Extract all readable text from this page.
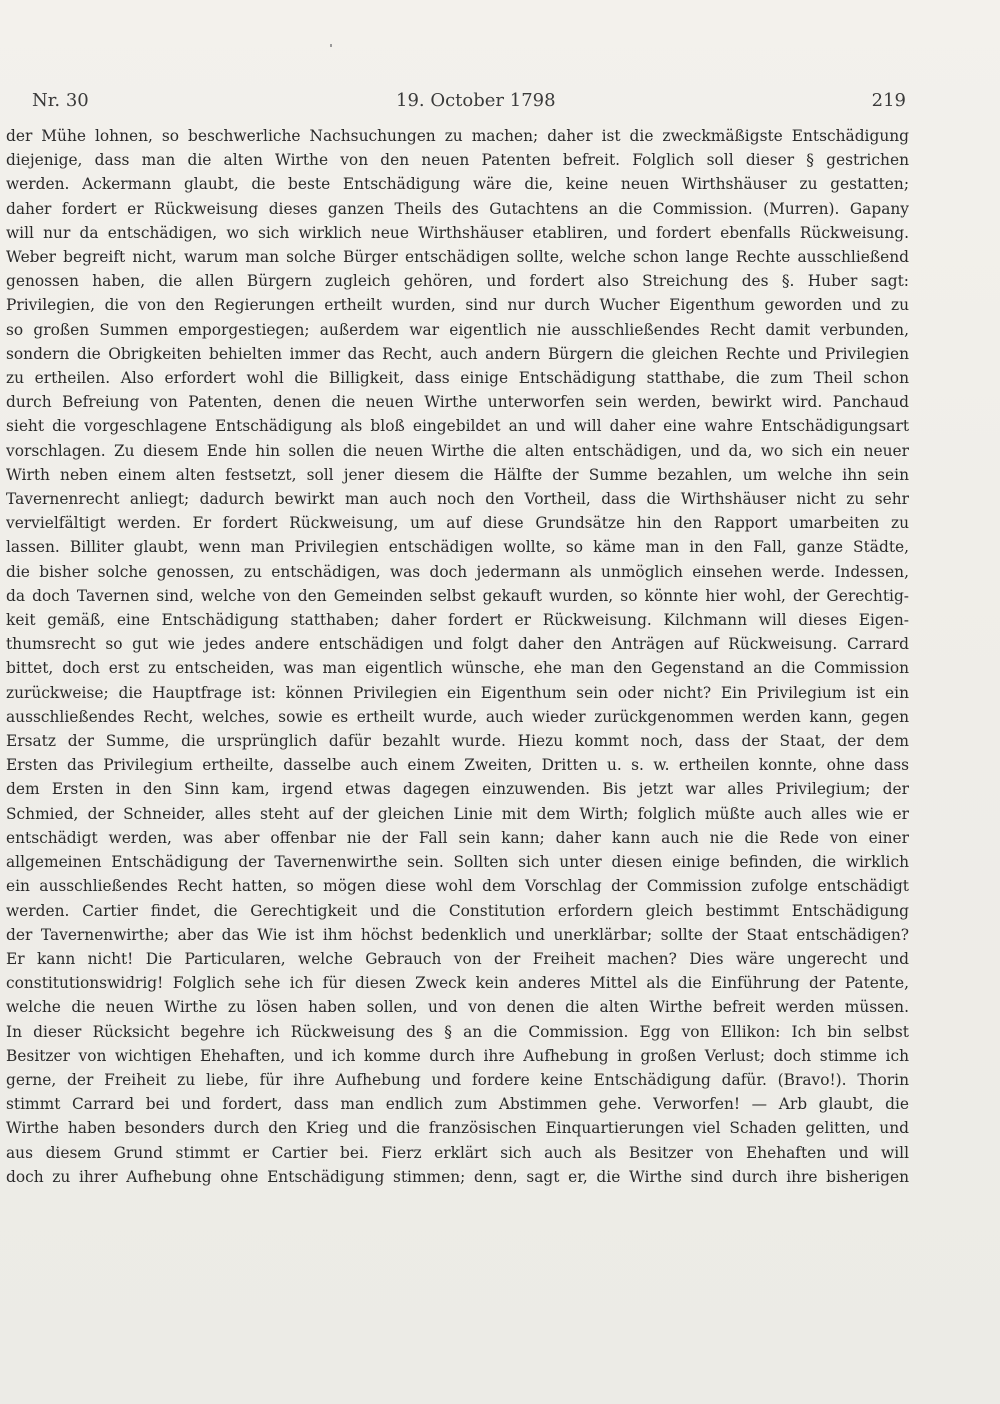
Nr. 30	19. October 1798	219
der Mühe lohnen, so beschwerliche Nachsuchungen zu machen; daher ist die zweckmäßigste Entschädigung
diejenige, dass man die alten Wirthe von den neuen Patenten befreit. Folglich soll dieser § gestrichen
werden. Ackermann glaubt, die beste Entschädigung wäre die, keine neuen Wirthshäuser zu gestatten;
daher fordert er Rückweisung dieses ganzen Theils des Gutachtens an die Commission. (Murren). Gapany
will nur da entschädigen, wo sich wirklich neue Wirthshäuser etabliren, und fordert ebenfalls Rückweisung.
Weber begreift nicht, warum man solche Bürger entschädigen sollte, welche schon lange Rechte ausschließend
genossen haben, die allen Bürgern zugleich gehören, und fordert also Streichung des §. Huber sagt:
Privilegien, die von den Regierungen ertheilt wurden, sind nur durch Wucher Eigenthum geworden und zu
so großen Summen emporgestiegen; außerdem war eigentlich nie ausschließendes Recht damit verbunden,
sondern die Obrigkeiten behielten immer das Recht, auch andern Bürgern die gleichen Rechte und Privilegien
zu ertheilen. Also erfordert wohl die Billigkeit, dass einige Entschädigung statthabe, die zum Theil schon
durch Befreiung von Patenten, denen die neuen Wirthe unterworfen sein werden, bewirkt wird. Panchaud
sieht die vorgeschlagene Entschädigung als bloß eingebildet an und will daher eine wahre Entschädigungsart
vorschlagen. Zu diesem Ende hin sollen die neuen Wirthe die alten entschädigen, und da, wo sich ein neuer
Wirth neben einem alten festsetzt, soll jener diesem die Hälfte der Summe bezahlen, um welche ihn sein
Tavernenrecht anliegt; dadurch bewirkt man auch noch den Vortheil, dass die Wirthshäuser nicht zu sehr
vervielfältigt werden. Er fordert Rückweisung, um auf diese Grundsätze hin den Rapport umarbeiten zu
lassen. Billiter glaubt, wenn man Privilegien entschädigen wollte, so käme man in den Fall, ganze Städte,
die bisher solche genossen, zu entschädigen, was doch jedermann als unmöglich einsehen werde. Indessen,
da doch Tavernen sind, welche von den Gemeinden selbst gekauft wurden, so könnte hier wohl, der Gerechtig-
keit gemäß, eine Entschädigung statthaben; daher fordert er Rückweisung. Kilchmann will dieses Eigen-
thumsrecht so gut wie jedes andere entschädigen und folgt daher den Anträgen auf Rückweisung. Carrard
bittet, doch erst zu entscheiden, was man eigentlich wünsche, ehe man den Gegenstand an die Commission
zurückweise; die Hauptfrage ist: können Privilegien ein Eigenthum sein oder nicht? Ein Privilegium ist ein
ausschließendes Recht, welches, sowie es ertheilt wurde, auch wieder zurückgenommen werden kann, gegen
Ersatz der Summe, die ursprünglich dafür bezahlt wurde. Hiezu kommt noch, dass der Staat, der dem
Ersten das Privilegium ertheilte, dasselbe auch einem Zweiten, Dritten u. s. w. ertheilen konnte, ohne dass
dem Ersten in den Sinn kam, irgend etwas dagegen einzuwenden. Bis jetzt war alles Privilegium; der
Schmied, der Schneider, alles steht auf der gleichen Linie mit dem Wirth; folglich müßte auch alles wie er
entschädigt werden, was aber offenbar nie der Fall sein kann; daher kann auch nie die Rede von einer
allgemeinen Entschädigung der Tavernenwirthe sein. Sollten sich unter diesen einige befinden, die wirklich
ein ausschließendes Recht hatten, so mögen diese wohl dem Vorschlag der Commission zufolge entschädigt
werden. Cartier findet, die Gerechtigkeit und die Constitution erfordern gleich bestimmt Entschädigung
der Tavernenwirthe; aber das Wie ist ihm höchst bedenklich und unerklärbar; sollte der Staat entschädigen?
Er kann nicht! Die Particularen, welche Gebrauch von der Freiheit machen? Dies wäre ungerecht und
constitutionswidrig! Folglich sehe ich für diesen Zweck kein anderes Mittel als die Einführung der Patente,
welche die neuen Wirthe zu lösen haben sollen, und von denen die alten Wirthe befreit werden müssen.
In dieser Rücksicht begehre ich Rückweisung des § an die Commission. Egg von Ellikon: Ich bin selbst
Besitzer von wichtigen Ehehaften, und ich komme durch ihre Aufhebung in großen Verlust; doch stimme ich
gerne, der Freiheit zu liebe, für ihre Aufhebung und fordere keine Entschädigung dafür. (Bravo!). Thorin
stimmt Carrard bei und fordert, dass man endlich zum Abstimmen gehe. Verworfen! — Arb glaubt, die
Wirthe haben besonders durch den Krieg und die französischen Einquartierungen viel Schaden gelitten, und
aus diesem Grund stimmt er Cartier bei. Fierz erklärt sich auch als Besitzer von Ehehaften und will
doch zu ihrer Aufhebung ohne Entschädigung stimmen; denn, sagt er, die Wirthe sind durch ihre bisherigen
